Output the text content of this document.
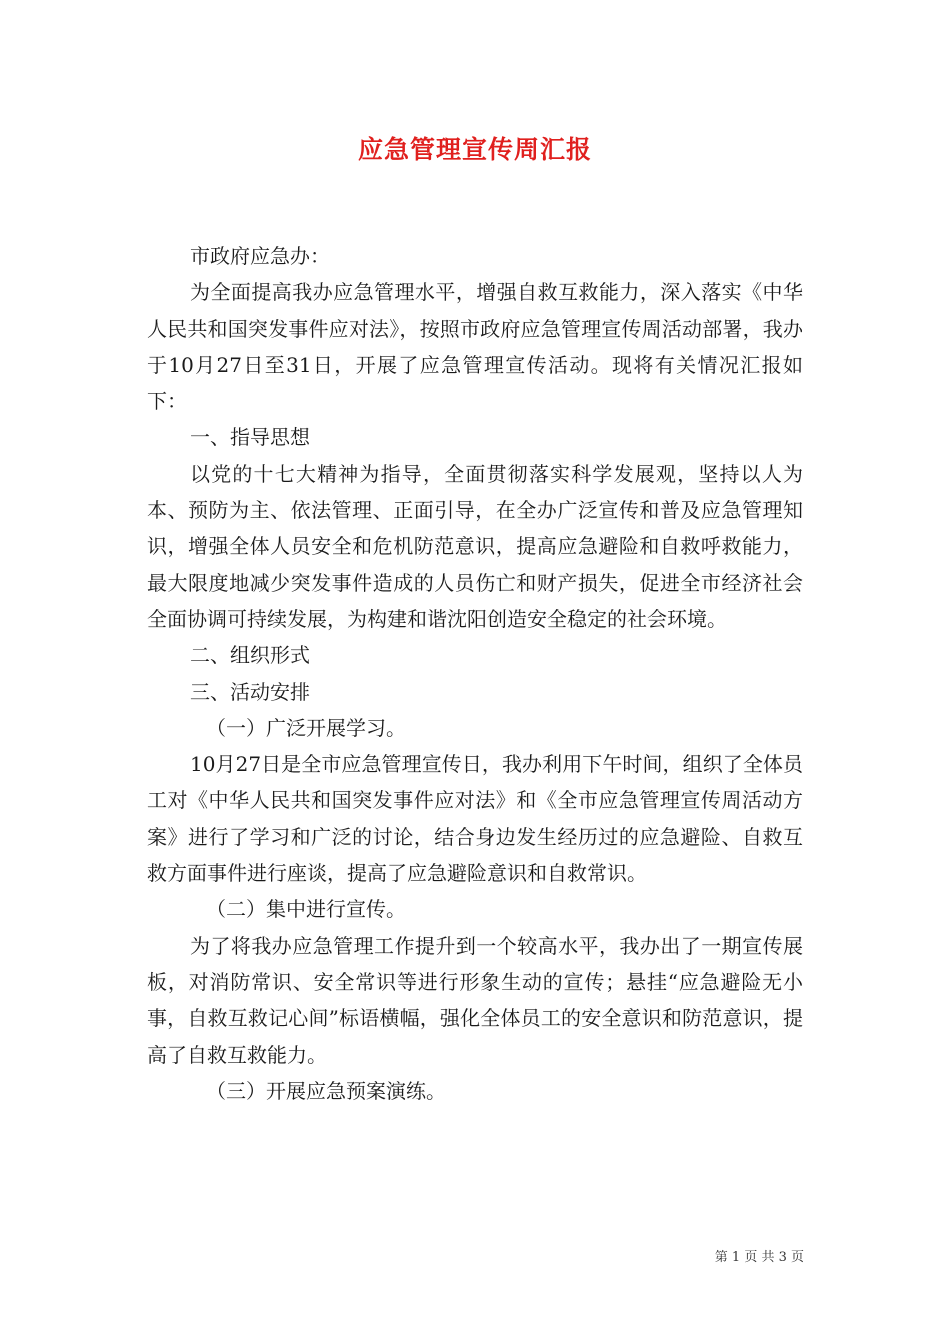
应急管理宣传周汇报

市政府应急办：

为全面提高我办应急管理水平，增强自救互救能力，深入落实《中华人民共和国突发事件应对法》，按照市政府应急管理宣传周活动部署，我办于10月27日至31日，开展了应急管理宣传活动。现将有关情况汇报如下：

一、指导思想

以党的十七大精神为指导，全面贯彻落实科学发展观，坚持以人为本、预防为主、依法管理、正面引导，在全办广泛宣传和普及应急管理知识，增强全体人员安全和危机防范意识，提高应急避险和自救呼救能力，最大限度地减少突发事件造成的人员伤亡和财产损失，促进全市经济社会全面协调可持续发展，为构建和谐沈阳创造安全稳定的社会环境。

二、组织形式

三、活动安排

（一）广泛开展学习。

10月27日是全市应急管理宣传日，我办利用下午时间，组织了全体员工对《中华人民共和国突发事件应对法》和《全市应急管理宣传周活动方案》进行了学习和广泛的讨论，结合身边发生经历过的应急避险、自救互救方面事件进行座谈，提高了应急避险意识和自救常识。

（二）集中进行宣传。

为了将我办应急管理工作提升到一个较高水平，我办出了一期宣传展板，对消防常识、安全常识等进行形象生动的宣传；悬挂“应急避险无小事，自救互救记心间”标语横幅，强化全体员工的安全意识和防范意识，提高了自救互救能力。

（三）开展应急预案演练。

第 1 页 共 3 页
